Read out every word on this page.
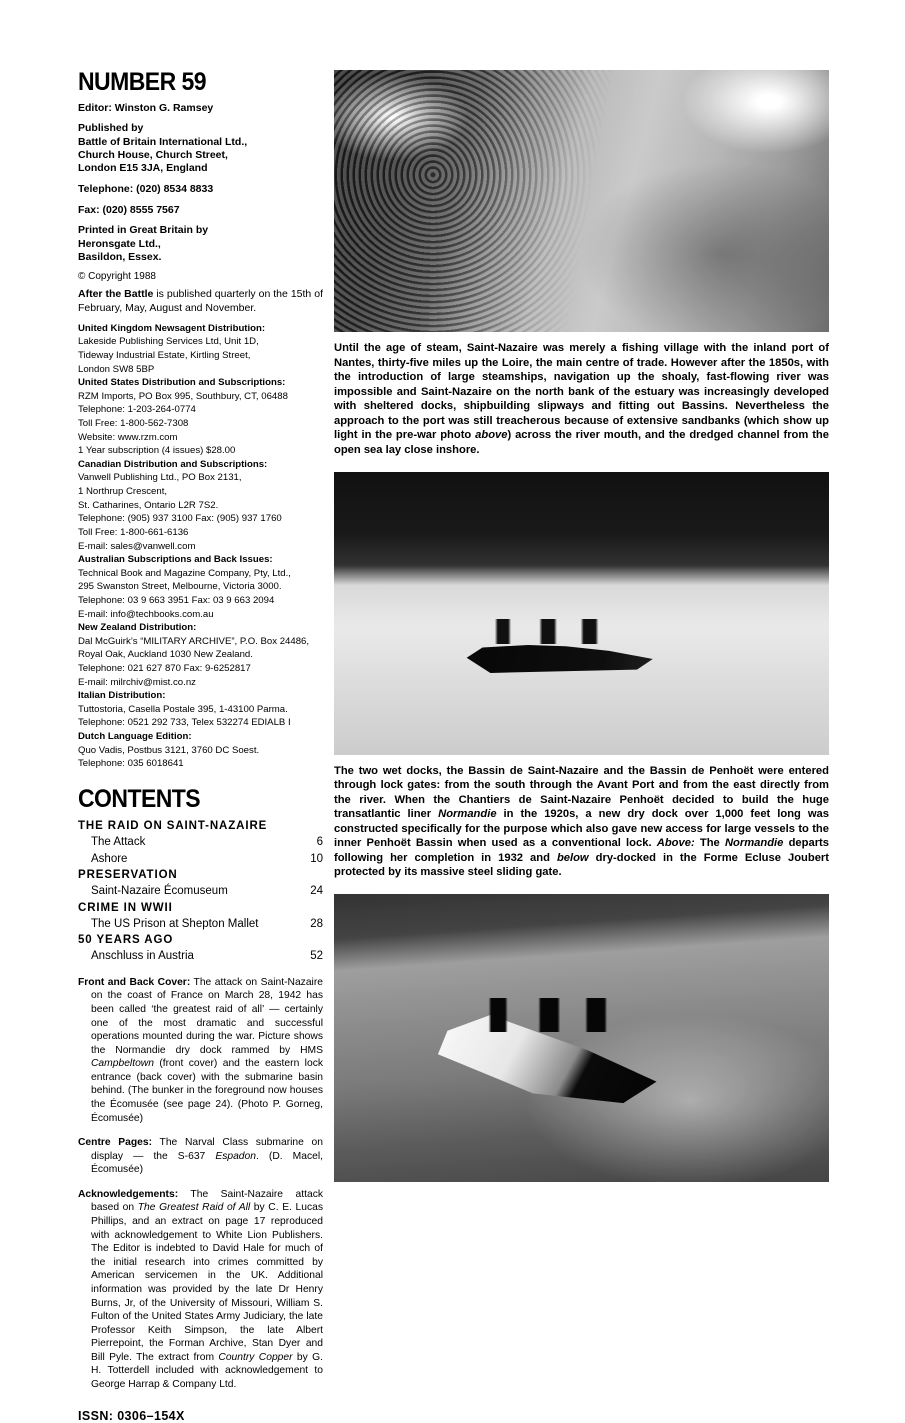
NUMBER 59
Editor: Winston G. Ramsey
Published by
Battle of Britain International Ltd.,
Church House, Church Street,
London E15 3JA, England
Telephone: (020) 8534 8833
Fax: (020) 8555 7567
Printed in Great Britain by
Heronsgate Ltd.,
Basildon, Essex.
© Copyright 1988
After the Battle is published quarterly on the 15th of February, May, August and November.
United Kingdom Newsagent Distribution:
Lakeside Publishing Services Ltd, Unit 1D,
Tideway Industrial Estate, Kirtling Street,
London SW8 5BP
United States Distribution and Subscriptions:
RZM Imports, PO Box 995, Southbury, CT, 06488
Telephone: 1-203-264-0774
Toll Free: 1-800-562-7308
Website: www.rzm.com
1 Year subscription (4 issues) $28.00
Canadian Distribution and Subscriptions:
Vanwell Publishing Ltd., PO Box 2131,
1 Northrup Crescent,
St. Catharines, Ontario L2R 7S2.
Telephone: (905) 937 3100 Fax: (905) 937 1760
Toll Free: 1-800-661-6136
E-mail: sales@vanwell.com
Australian Subscriptions and Back Issues:
Technical Book and Magazine Company, Pty, Ltd.,
295 Swanston Street, Melbourne, Victoria 3000.
Telephone: 03 9 663 3951 Fax: 03 9 663 2094
E-mail: info@techbooks.com.au
New Zealand Distribution:
Dal McGuirk’s “MILITARY ARCHIVE”, P.O. Box 24486,
Royal Oak, Auckland 1030 New Zealand.
Telephone: 021 627 870 Fax: 9-6252817
E-mail: milrchiv@mist.co.nz
Italian Distribution:
Tuttostoria, Casella Postale 395, 1-43100 Parma.
Telephone: 0521 292 733, Telex 532274 EDIALB I
Dutch Language Edition:
Quo Vadis, Postbus 3121, 3760 DC Soest.
Telephone: 035 6018641
CONTENTS
THE RAID ON SAINT-NAZAIRE
The Attack	6
Ashore	10
PRESERVATION
Saint-Nazaire Écomuseum	24
CRIME IN WWII
The US Prison at Shepton Mallet	28
50 YEARS AGO
Anschluss in Austria	52
Front and Back Cover: The attack on Saint-Nazaire on the coast of France on March 28, 1942 has been called ‘the greatest raid of all’ — certainly one of the most dramatic and successful operations mounted during the war. Picture shows the Normandie dry dock rammed by HMS Campbeltown (front cover) and the eastern lock entrance (back cover) with the submarine basin behind. (The bunker in the foreground now houses the Écomusée (see page 24). (Photo P. Gorneg, Écomusée)
Centre Pages: The Narval Class submarine on display — the S-637 Espadon. (D. Macel, Écomusée)
Acknowledgements: The Saint-Nazaire attack based on The Greatest Raid of All by C. E. Lucas Phillips, and an extract on page 17 reproduced with acknowledgement to White Lion Publishers. The Editor is indebted to David Hale for much of the initial research into crimes committed by American servicemen in the UK. Additional information was provided by the late Dr Henry Burns, Jr, of the University of Missouri, William S. Fulton of the United States Army Judiciary, the late Professor Keith Simpson, the late Albert Pierrepoint, the Forman Archive, Stan Dyer and Bill Pyle. The extract from Country Copper by G. H. Totterdell included with acknowledgement to George Harrap & Company Ltd.
ISSN: 0306–154X
Until the age of steam, Saint-Nazaire was merely a fishing village with the inland port of Nantes, thirty-five miles up the Loire, the main centre of trade. However after the 1850s, with the introduction of large steamships, navigation up the shoaly, fast-flowing river was impossible and Saint-Nazaire on the north bank of the estuary was increasingly developed with sheltered docks, shipbuilding slipways and fitting out Bassins. Nevertheless the approach to the port was still treacherous because of extensive sandbanks (which show up light in the pre-war photo above) across the river mouth, and the dredged channel from the open sea lay close inshore.
The two wet docks, the Bassin de Saint-Nazaire and the Bassin de Penhoët were entered through lock gates: from the south through the Avant Port and from the east directly from the river. When the Chantiers de Saint-Nazaire Penhoët decided to build the huge transatlantic liner Normandie in the 1920s, a new dry dock over 1,000 feet long was constructed specifically for the purpose which also gave new access for large vessels to the inner Penhoët Bassin when used as a conventional lock. Above: The Normandie departs following her completion in 1932 and below dry-docked in the Forme Ecluse Joubert protected by its massive steel sliding gate.
